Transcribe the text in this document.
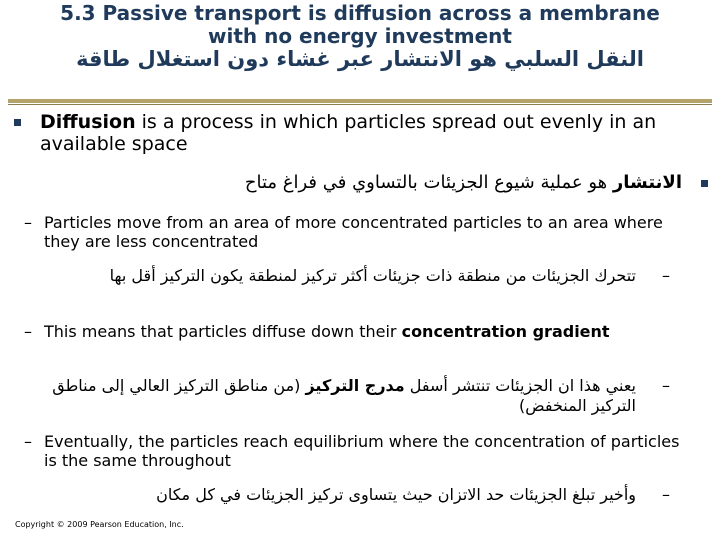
5.3 Passive transport is diffusion across a membrane
with no energy investment
النقل السلبي هو الانتشار عبر غشاء دون استغلال طاقة
Diffusion is a process in which particles spread out evenly in an available space
الانتشار هو عملية شيوع الجزيئات بالتساوي في فراغ متاح
– Particles move from an area of more concentrated particles to an area where they are less concentrated
–
تتحرك الجزيئات من منطقة ذات جزيئات أكثر تركيز لمنطقة يكون التركيز أقل بها
– This means that particles diffuse down their concentration gradient
–
يعني هذا ان الجزيئات تنتشر أسفل مدرج التركيز (من مناطق التركيز العالي إلى مناطق التركيز المنخفض)
– Eventually, the particles reach equilibrium where the concentration of particles is the same throughout
–
وأخير تبلغ الجزيئات حد الاتزان حيث يتساوى تركيز الجزيئات في كل مكان
Copyright © 2009 Pearson Education, Inc.
